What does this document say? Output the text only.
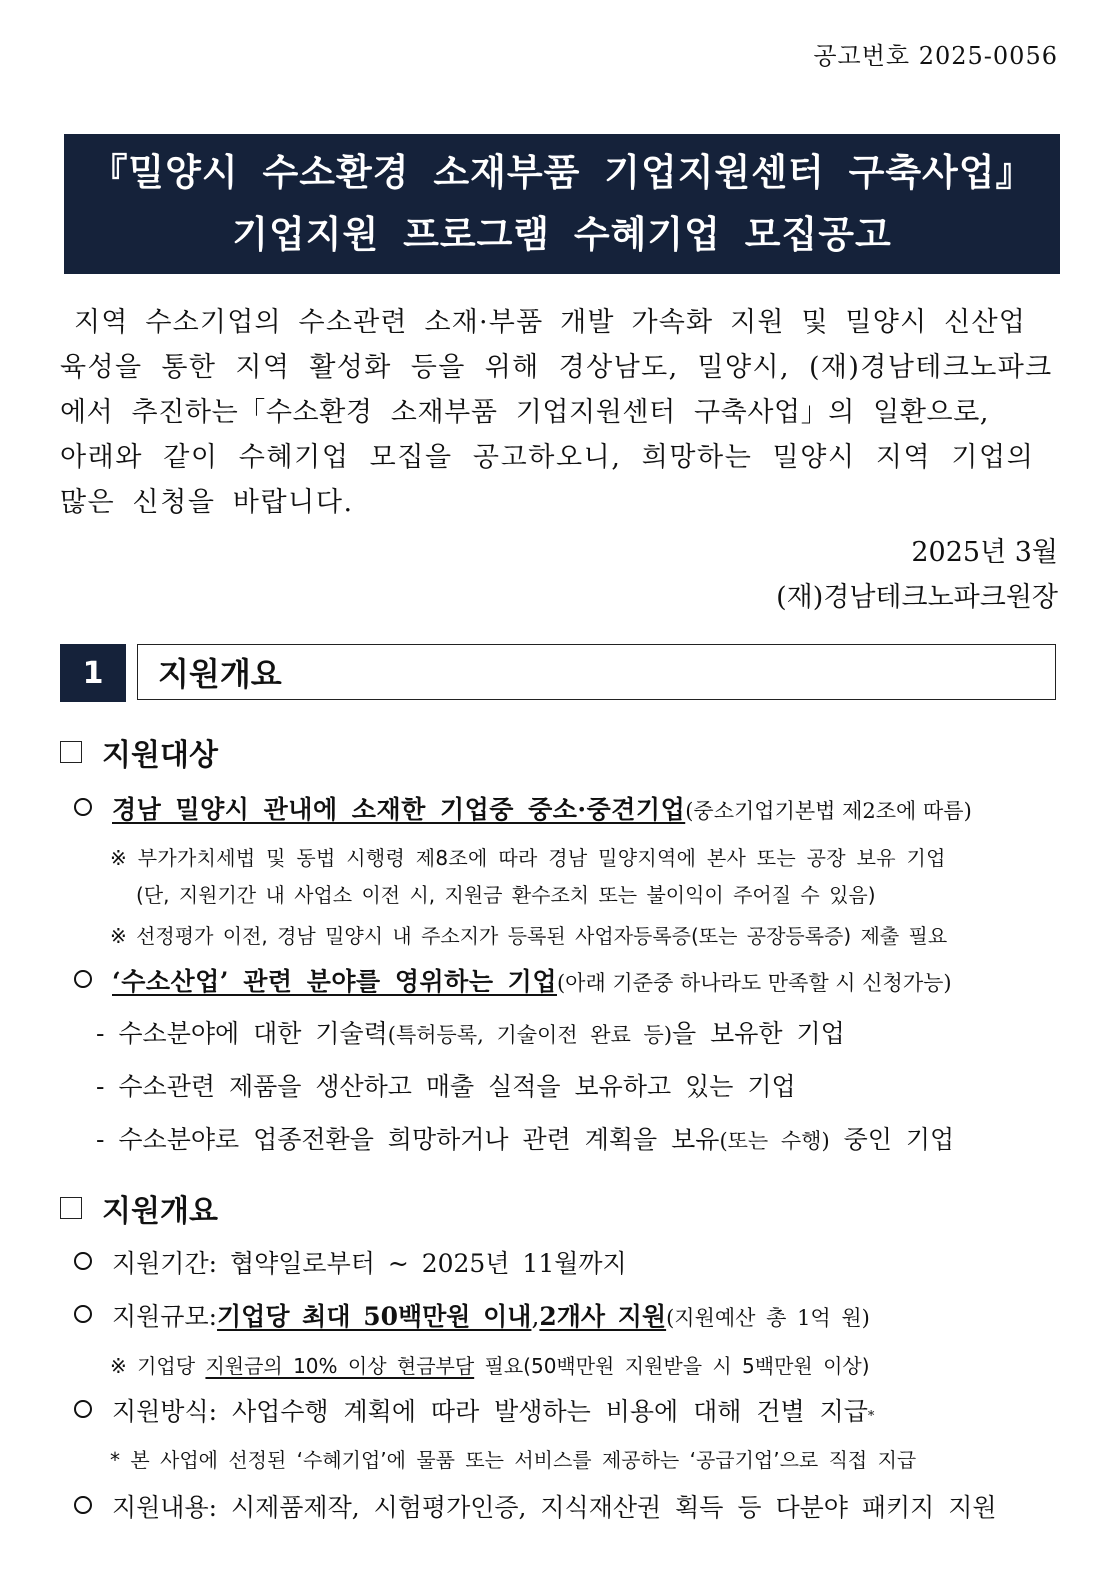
공고번호 2025-0056
『밀양시 수소환경 소재부품 기업지원센터 구축사업』
기업지원 프로그램 수혜기업 모집공고
지역 수소기업의 수소관련 소재·부품 개발 가속화 지원 및 밀양시 신산업
육성을 통한 지역 활성화 등을 위해 경상남도, 밀양시, (재)경남테크노파크
에서 추진하는「수소환경 소재부품 기업지원센터 구축사업」의 일환으로,
아래와 같이 수혜기업 모집을 공고하오니, 희망하는 밀양시 지역 기업의
많은 신청을 바랍니다.
2025년 3월
(재)경남테크노파크원장
1	지원개요
지원대상
경남 밀양시 관내에 소재한 기업중 중소·중견기업 (중소기업기본법 제2조에 따름)
※ 부가가치세법 및 동법 시행령 제8조에 따라 경남 밀양지역에 본사 또는 공장 보유 기업
(단, 지원기간 내 사업소 이전 시, 지원금 환수조치 또는 불이익이 주어질 수 있음)
※ 선정평가 이전, 경남 밀양시 내 주소지가 등록된 사업자등록증(또는 공장등록증) 제출 필요
‘수소산업’ 관련 분야를 영위하는 기업 (아래 기준중 하나라도 만족할 시 신청가능)
- 수소분야에 대한 기술력(특허등록, 기술이전 완료 등)을 보유한 기업
- 수소관련 제품을 생산하고 매출 실적을 보유하고 있는 기업
- 수소분야로 업종전환을 희망하거나 관련 계획을 보유(또는 수행) 중인 기업
지원개요
지원기간: 협약일로부터 ~ 2025년 11월까지
지원규모: 기업당 최대 50백만원 이내 , 2개사 지원 (지원예산 총 1억 원)
※ 기업당 지원금의 10% 이상 현금부담 필요(50백만원 지원받을 시 5백만원 이상)
지원방식: 사업수행 계획에 따라 발생하는 비용에 대해 건별 지급$_*$
* 본 사업에 선정된 ‘수혜기업’에 물품 또는 서비스를 제공하는 ‘공급기업’으로 직접 지급
지원내용: 시제품제작, 시험평가인증, 지식재산권 획득 등 다분야 패키지 지원
